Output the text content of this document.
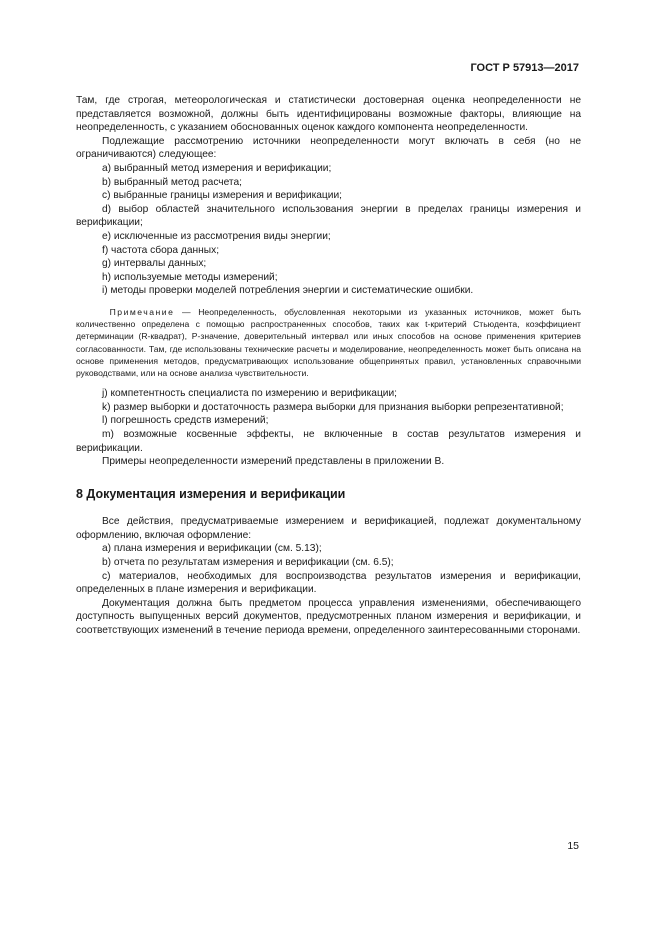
ГОСТ Р 57913—2017

Там, где строгая, метеорологическая и статистически достоверная оценка неопределенности не представляется возможной, должны быть идентифицированы возможные факторы, влияющие на неопределенность, с указанием обоснованных оценок каждого компонента неопределенности.

Подлежащие рассмотрению источники неопределенности могут включать в себя (но не ограничиваются) следующее:

a) выбранный метод измерения и верификации;

b) выбранный метод расчета;

c) выбранные границы измерения и верификации;

d) выбор областей значительного использования энергии в пределах границы измерения и верификации;

e) исключенные из рассмотрения виды энергии;

f) частота сбора данных;

g) интервалы данных;

h) используемые методы измерений;

i) методы проверки моделей потребления энергии и систематические ошибки.

Примечание — Неопределенность, обусловленная некоторыми из указанных источников, может быть количественно определена с помощью распространенных способов, таких как t-критерий Стьюдента, коэффициент детерминации (R-квадрат), P-значение, доверительный интервал или иных способов на основе применения критериев согласованности. Там, где использованы технические расчеты и моделирование, неопределенность может быть описана на основе применения методов, предусматривающих использование общепринятых правил, установленных справочными руководствами, или на основе анализа чувствительности.

j) компетентность специалиста по измерению и верификации;

k) размер выборки и достаточность размера выборки для признания выборки репрезентативной;

l) погрешность средств измерений;

m) возможные косвенные эффекты, не включенные в состав результатов измерения и верификации.

Примеры неопределенности измерений представлены в приложении В.

8 Документация измерения и верификации

Все действия, предусматриваемые измерением и верификацией, подлежат документальному оформлению, включая оформление:

a) плана измерения и верификации (см. 5.13);

b) отчета по результатам измерения и верификации (см. 6.5);

c) материалов, необходимых для воспроизводства результатов измерения и верификации, определенных в плане измерения и верификации.

Документация должна быть предметом процесса управления изменениями, обеспечивающего доступность выпущенных версий документов, предусмотренных планом измерения и верификации, и соответствующих изменений в течение периода времени, определенного заинтересованными сторонами.

15
